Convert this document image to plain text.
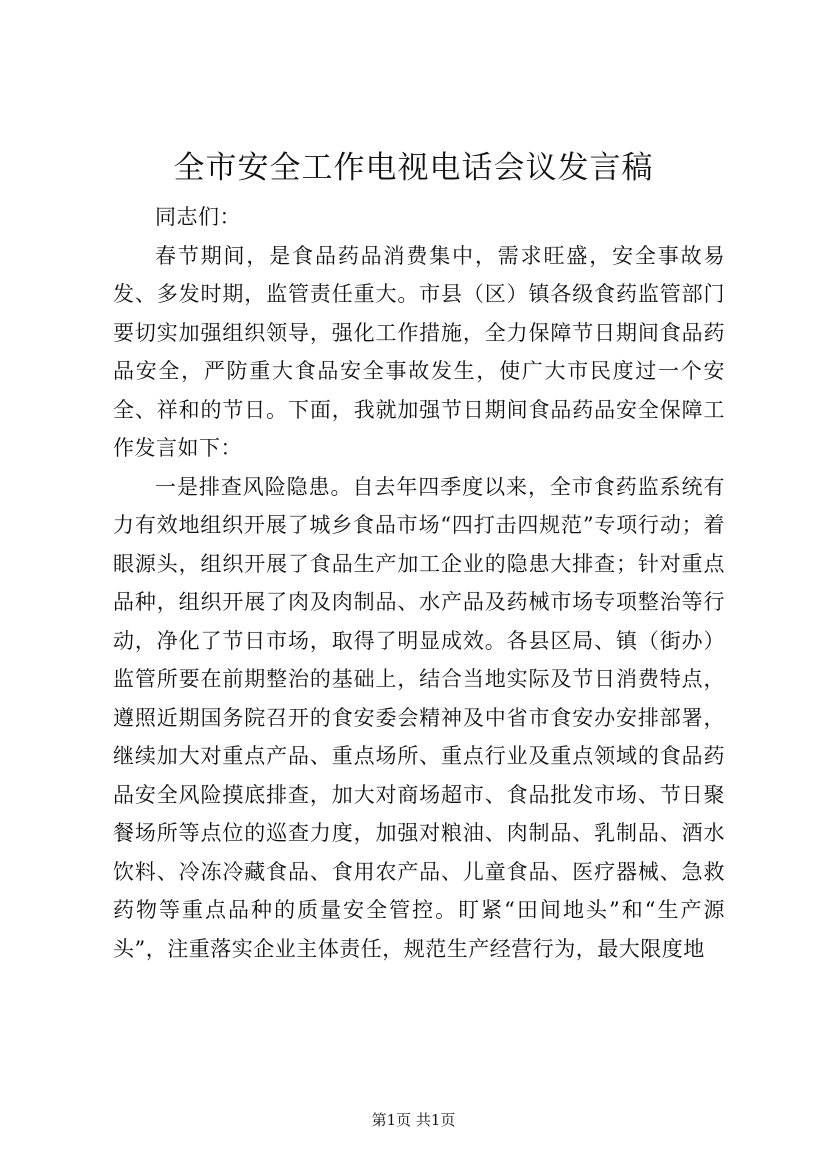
全市安全工作电视电话会议发言稿

同志们：

春节期间，是食品药品消费集中，需求旺盛，安全事故易发、多发时期，监管责任重大。市县（区）镇各级食药监管部门要切实加强组织领导，强化工作措施，全力保障节日期间食品药品安全，严防重大食品安全事故发生，使广大市民度过一个安全、祥和的节日。下面，我就加强节日期间食品药品安全保障工作发言如下：

一是排查风险隐患。自去年四季度以来，全市食药监系统有力有效地组织开展了城乡食品市场“四打击四规范”专项行动；着眼源头，组织开展了食品生产加工企业的隐患大排查；针对重点品种，组织开展了肉及肉制品、水产品及药械市场专项整治等行动，净化了节日市场，取得了明显成效。各县区局、镇（街办）监管所要在前期整治的基础上，结合当地实际及节日消费特点，遵照近期国务院召开的食安委会精神及中省市食安办安排部署，继续加大对重点产品、重点场所、重点行业及重点领域的食品药品安全风险摸底排查，加大对商场超市、食品批发市场、节日聚餐场所等点位的巡查力度，加强对粮油、肉制品、乳制品、酒水饮料、冷冻冷藏食品、食用农产品、儿童食品、医疗器械、急救药物等重点品种的质量安全管控。盯紧“田间地头”和“生产源头”，注重落实企业主体责任，规范生产经营行为，最大限度地

第1页 共1页
